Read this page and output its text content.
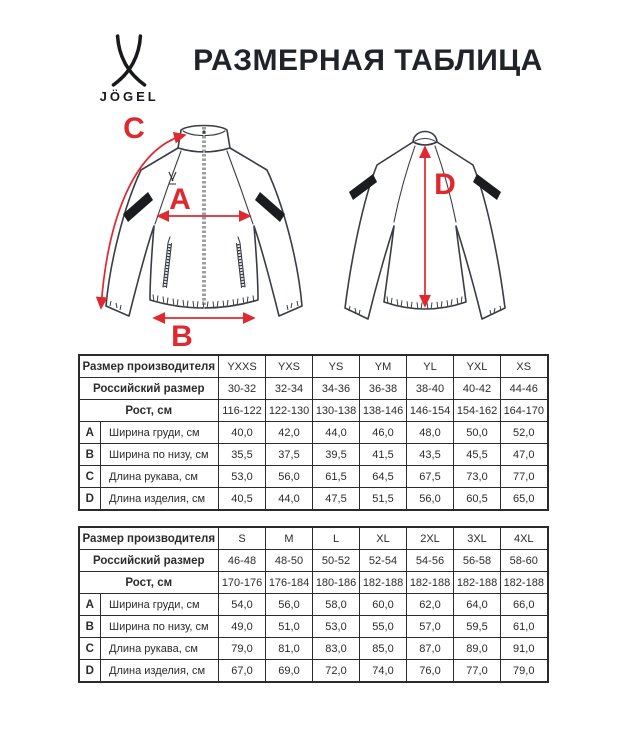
JÖGEL
РАЗМЕРНАЯ ТАБЛИЦА
A
B
C
D
Размер производителя		YXXS	YXS	YS	YM	YL	YXL	XS
Российский размер		30-32	32-34	34-36	36-38	38-40	40-42	44-46
Рост, см		116-122	122-130	130-138	138-146	146-154	154-162	164-170
A	Ширина груди, см	40,0	42,0	44,0	46,0	48,0	50,0	52,0
B	Ширина по низу, см	35,5	37,5	39,5	41,5	43,5	45,5	47,0
C	Длина рукава, см	53,0	56,0	61,5	64,5	67,5	73,0	77,0
D	Длина изделия, см	40,5	44,0	47,5	51,5	56,0	60,5	65,0
Размер производителя		S	M	L	XL	2XL	3XL	4XL
Российский размер		46-48	48-50	50-52	52-54	54-56	56-58	58-60
Рост, см		170-176	176-184	180-186	182-188	182-188	182-188	182-188
A	Ширина груди, см	54,0	56,0	58,0	60,0	62,0	64,0	66,0
B	Ширина по низу, см	49,0	51,0	53,0	55,0	57,0	59,5	61,0
C	Длина рукава, см	79,0	81,0	83,0	85,0	87,0	89,0	91,0
D	Длина изделия, см	67,0	69,0	72,0	74,0	76,0	77,0	79,0
